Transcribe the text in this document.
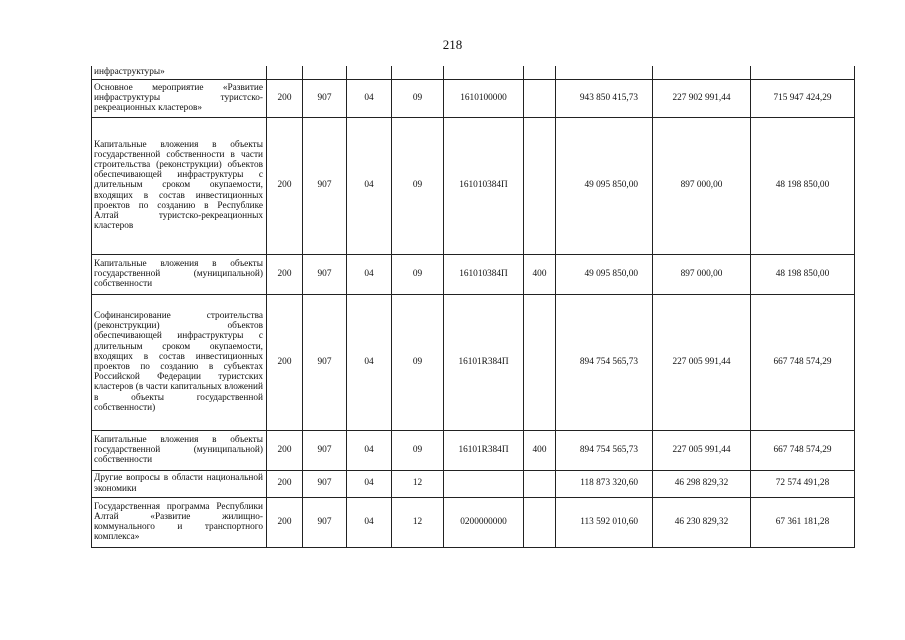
218
инфраструктуры»									
Основное мероприятие «Развитие инфраструктуры туристско-рекреационных кластеров»	200	907	04	09	1610100000		943 850 415,73	227 902 991,44	715 947 424,29
Капитальные вложения в объекты государственной собственности в части строительства (реконструкции) объектов обеспечивающей инфраструктуры с длительным сроком окупаемости, входящих в состав инвестиционных проектов по созданию в Республике Алтай туристско-рекреационных кластеров	200	907	04	09	161010384П		49 095 850,00	897 000,00	48 198 850,00
Капитальные вложения в объекты государственной (муниципальной) собственности	200	907	04	09	161010384П	400	49 095 850,00	897 000,00	48 198 850,00
Софинансирование строительства (реконструкции) объектов обеспечивающей инфраструктуры с длительным сроком окупаемости, входящих в состав инвестиционных проектов по созданию в субъектах Российской Федерации туристских кластеров (в части капитальных вложений в объекты государственной собственности)	200	907	04	09	16101R384П		894 754 565,73	227 005 991,44	667 748 574,29
Капитальные вложения в объекты государственной (муниципальной) собственности	200	907	04	09	16101R384П	400	894 754 565,73	227 005 991,44	667 748 574,29
Другие вопросы в области национальной экономики	200	907	04	12			118 873 320,60	46 298 829,32	72 574 491,28
Государственная программа Республики Алтай «Развитие жилищно-коммунального и транспортного комплекса»	200	907	04	12	0200000000		113 592 010,60	46 230 829,32	67 361 181,28
